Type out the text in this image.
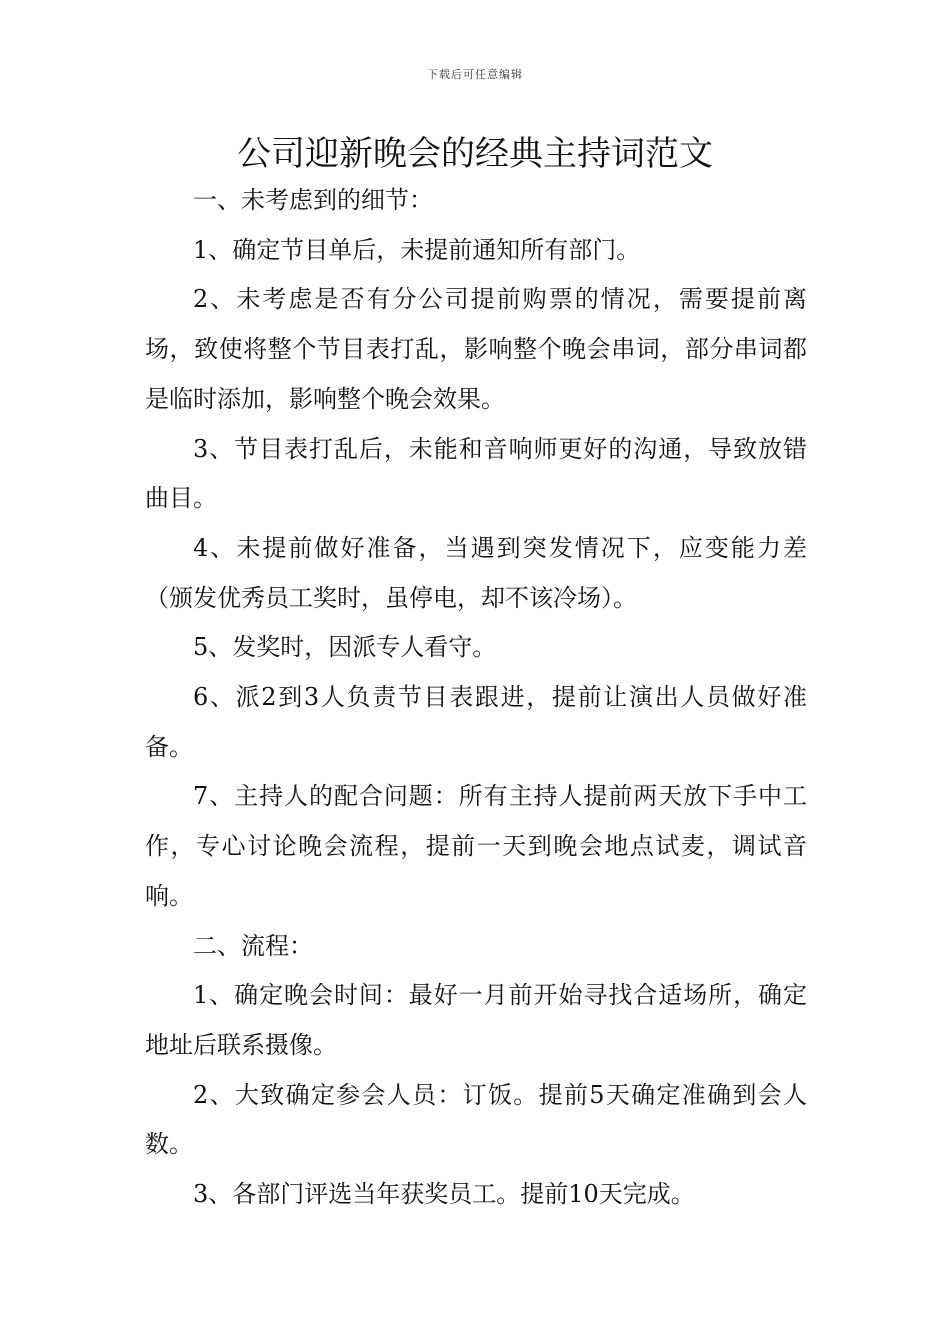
下载后可任意编辑
公司迎新晚会的经典主持词范文

一、未考虑到的细节：

1、确定节目单后，未提前通知所有部门。

2、未考虑是否有分公司提前购票的情况，需要提前离场，致使将整个节目表打乱，影响整个晚会串词，部分串词都是临时添加，影响整个晚会效果。

3、节目表打乱后，未能和音响师更好的沟通，导致放错曲目。

4、未提前做好准备，当遇到突发情况下，应变能力差（颁发优秀员工奖时，虽停电，却不该冷场）。

5、发奖时，因派专人看守。

6、派2到3人负责节目表跟进，提前让演出人员做好准备。

7、主持人的配合问题：所有主持人提前两天放下手中工作，专心讨论晚会流程，提前一天到晚会地点试麦，调试音响。

二、流程：

1、确定晚会时间：最好一月前开始寻找合适场所，确定地址后联系摄像。

2、大致确定参会人员：订饭。提前5天确定准确到会人数。

3、各部门评选当年获奖员工。提前10天完成。
